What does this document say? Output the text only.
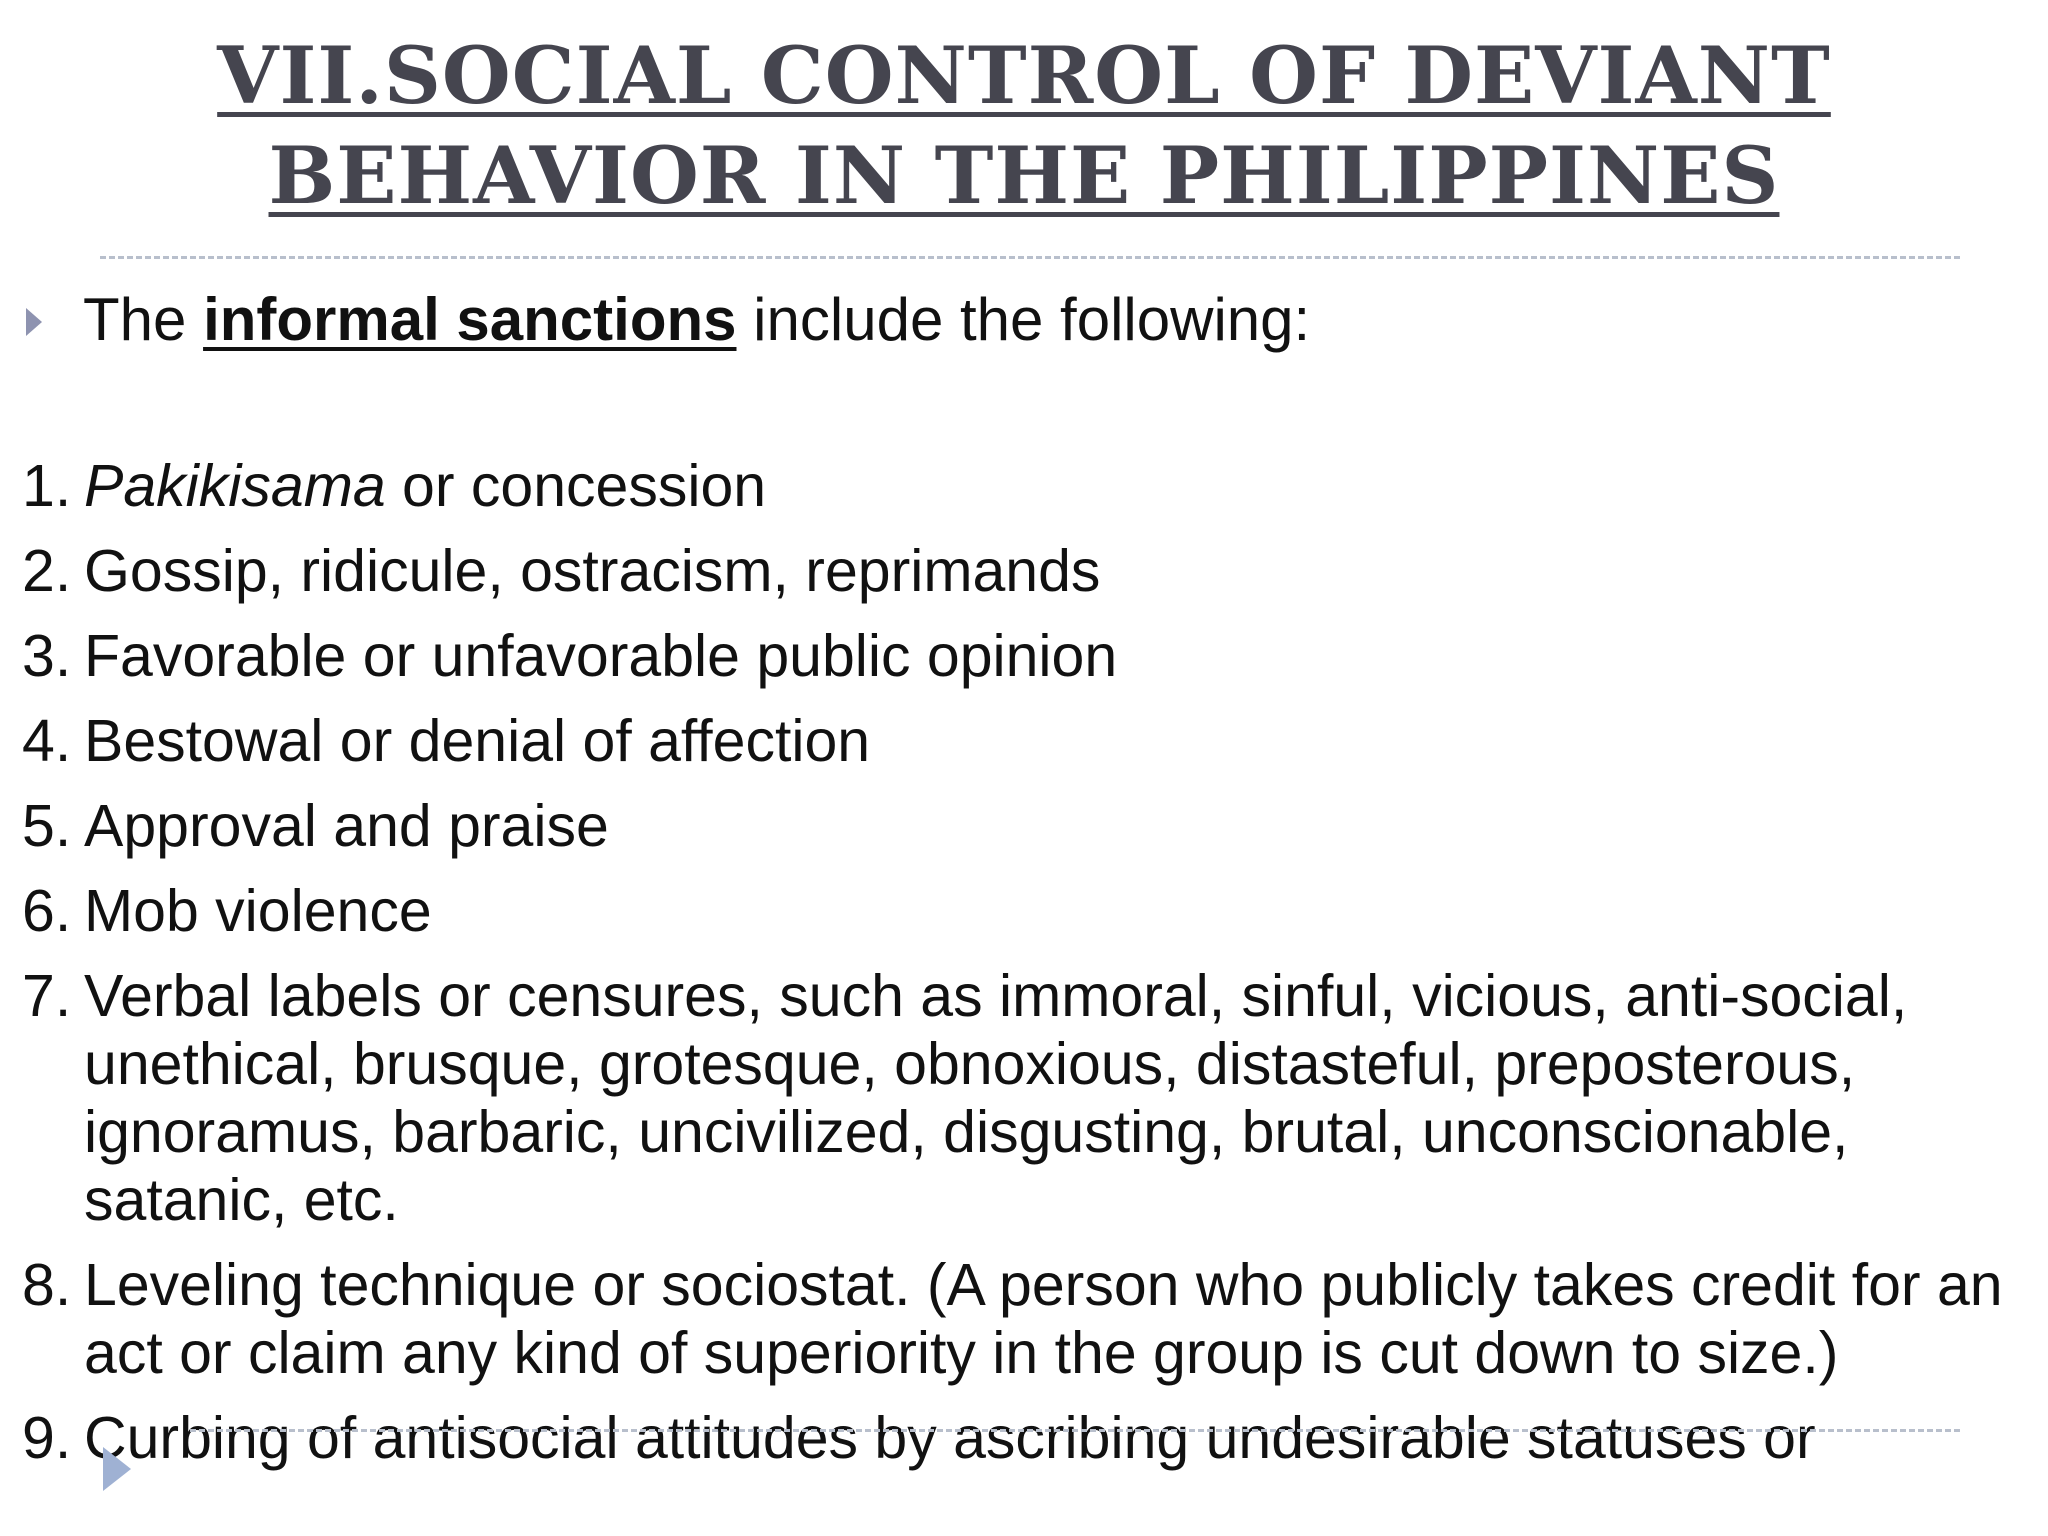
VII.SOCIAL CONTROL OF DEVIANT
BEHAVIOR IN THE PHILIPPINES
The informal sanctions include the following:
1. Pakikisama or concession
2. Gossip, ridicule, ostracism, reprimands
3. Favorable or unfavorable public opinion
4. Bestowal or denial of affection
5. Approval and praise
6. Mob violence
7. Verbal labels or censures, such as immoral, sinful, vicious, anti-social, unethical, brusque, grotesque, obnoxious, distasteful, preposterous, ignoramus, barbaric, uncivilized, disgusting, brutal, unconscionable, satanic, etc.
8. Leveling technique or sociostat. (A person who publicly takes credit for an act or claim any kind of superiority in the group is cut down to size.)
9. Curbing of antisocial attitudes by ascribing undesirable statuses or
